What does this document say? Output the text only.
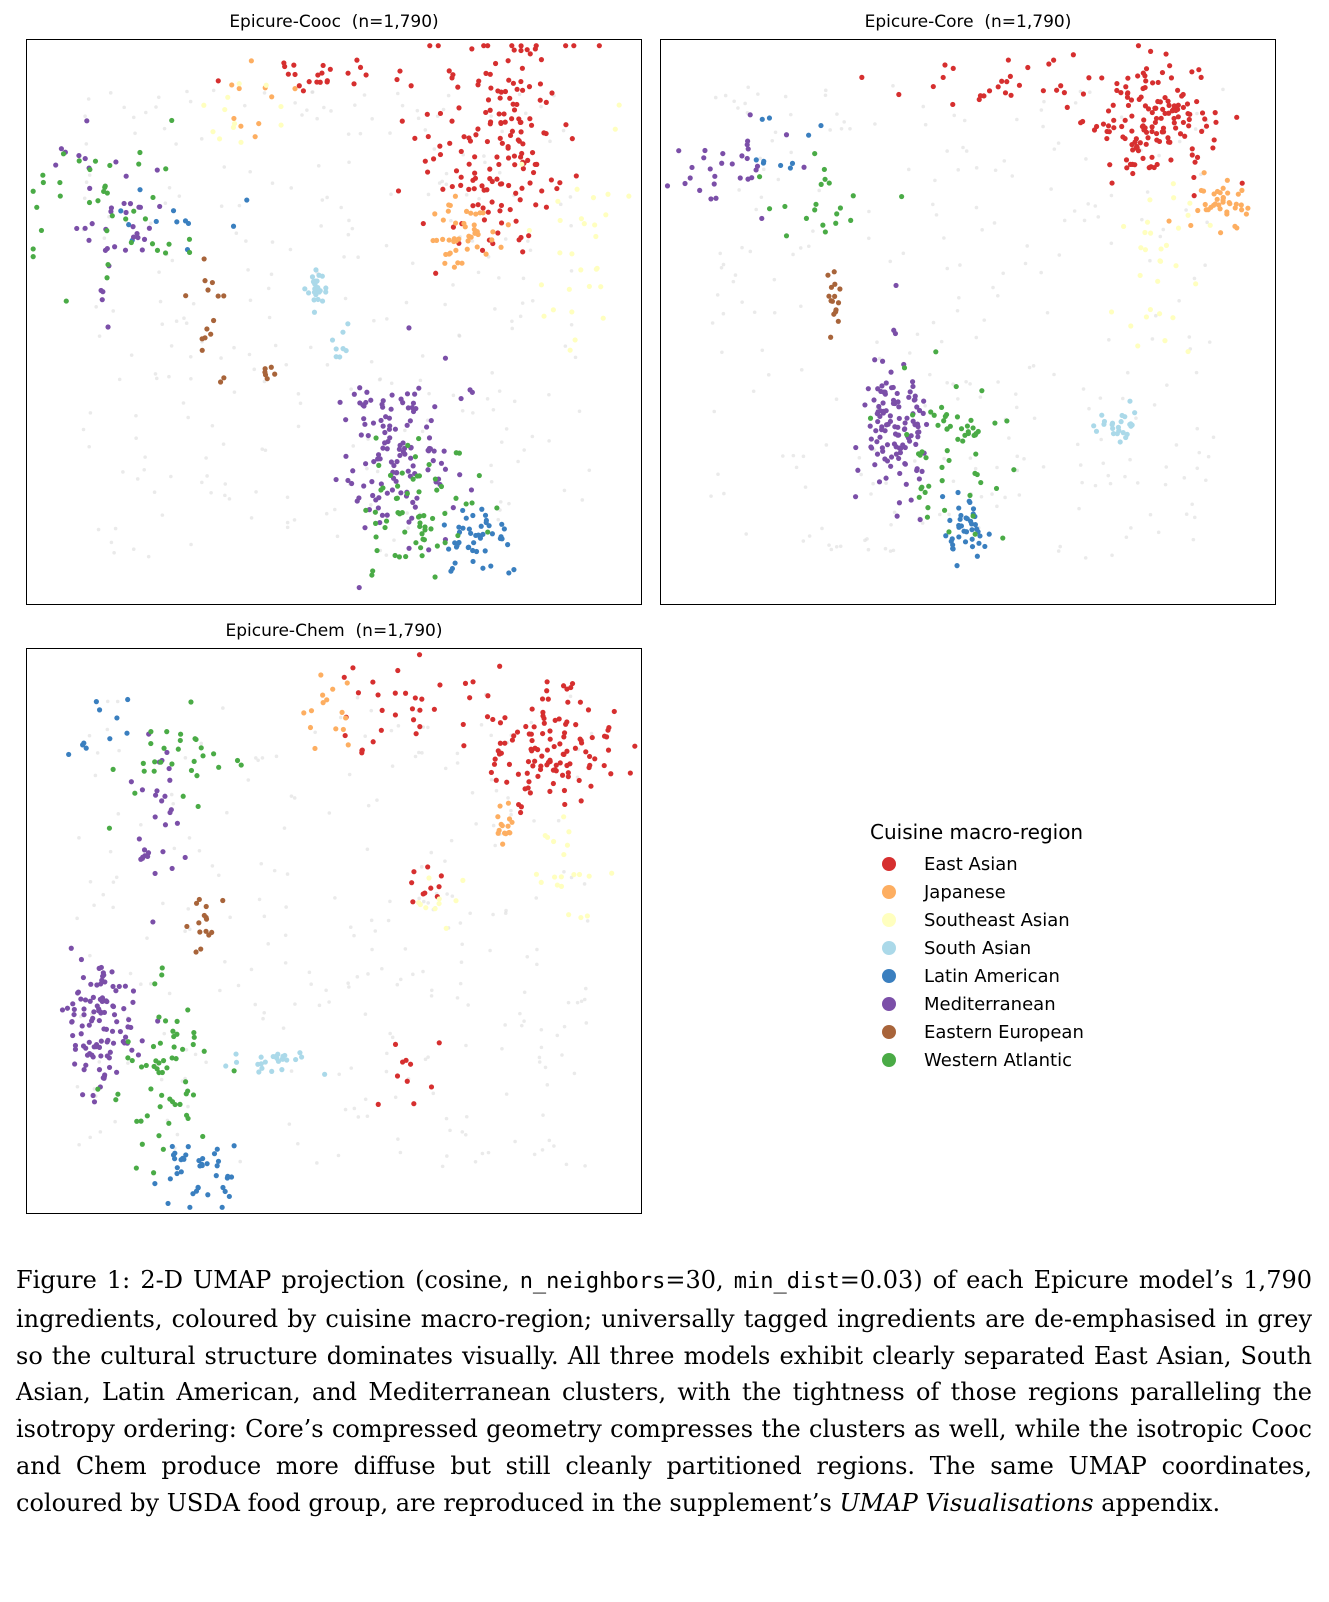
Epicure-Cooc  (n=1,790)	Epicure-Core  (n=1,790)
Epicure-Chem  (n=1,790)
Cuisine macro-region
East Asian
Japanese
Southeast Asian
South Asian
Latin American
Mediterranean
Eastern European
Western Atlantic
Figure 1: 2-D UMAP projection (cosine, n_neighbors=30, min_dist=0.03) of each Epicure model’s 1,790 ingredients, coloured by cuisine macro-region; universally tagged ingredients are de-emphasised in grey so the cultural structure dominates visually. All three models exhibit clearly separated East Asian, South Asian, Latin American, and Mediterranean clusters, with the tightness of those regions paralleling the isotropy ordering: Core’s compressed geometry compresses the clusters as well, while the isotropic Cooc and Chem produce more diffuse but still cleanly partitioned regions. The same UMAP coordinates, coloured by USDA food group, are reproduced in the supplement’s UMAP Visualisations appendix.
